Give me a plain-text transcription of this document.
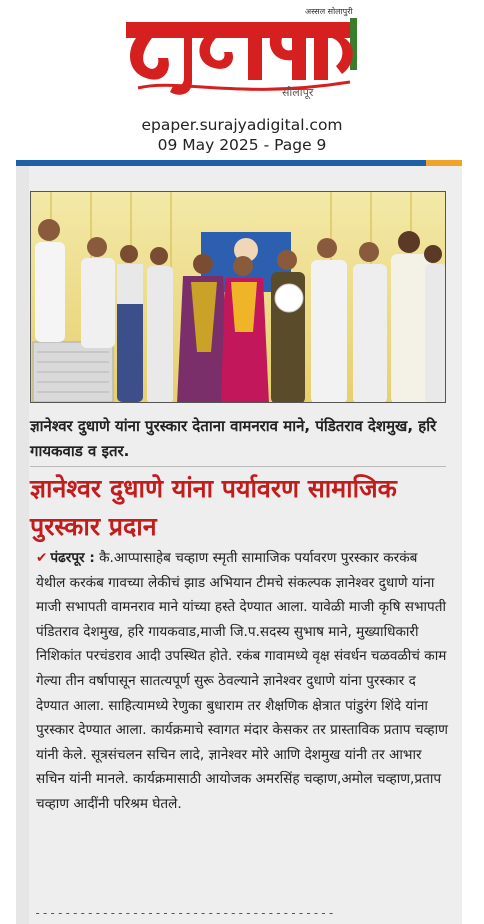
अस्सल सोलापुरी
सोलापूर
epaper.surajyadigital.com
09 May 2025 - Page 9
ज्ञानेश्वर दुधाणे यांना पुरस्कार देताना वामनराव माने, पंडितराव देशमुख, हरि गायकवाड व इतर.
ज्ञानेश्वर दुधाणे यांना पर्यावरण सामाजिक पुरस्कार प्रदान
✔ पंढरपूर : कै.आप्पासाहेब चव्हाण स्मृती सामाजिक पर्यावरण पुरस्कार करकंब येथील करकंब गावच्या लेकीचं झाड अभियान टीमचे संकल्पक ज्ञानेश्वर दुधाणे यांना माजी सभापती वामनराव माने यांच्या हस्ते देण्यात आला. यावेळी माजी कृषि सभापती पंडितराव देशमुख, हरि गायकवाड,माजी जि.प.सदस्य सुभाष माने, मुख्याधिकारी निशिकांत परचंडराव आदी उपस्थित होते. रकंब गावामध्ये वृक्ष संवर्धन चळवळीचं काम गेल्या तीन वर्षापासून सातत्यपूर्ण सुरू ठेवल्याने ज्ञानेश्वर दुधाणे यांना पुरस्कार द देण्यात आला. साहित्यामध्ये रेणुका बुधाराम तर शैक्षणिक क्षेत्रात पांडुरंग शिंदे यांना पुरस्कार देण्यात आला. कार्यक्रमाचे स्वागत मंदार केसकर तर प्रास्ताविक प्रताप चव्हाण यांनी केले. सूत्रसंचलन सचिन लादे, ज्ञानेश्वर मोरे आणि देशमुख यांनी तर आभार सचिन यांनी मानले. कार्यक्रमासाठी आयोजक अमरसिंह चव्हाण,अमोल चव्हाण,प्रताप चव्हाण आदींनी परिश्रम घेतले.
----------------------------------------
